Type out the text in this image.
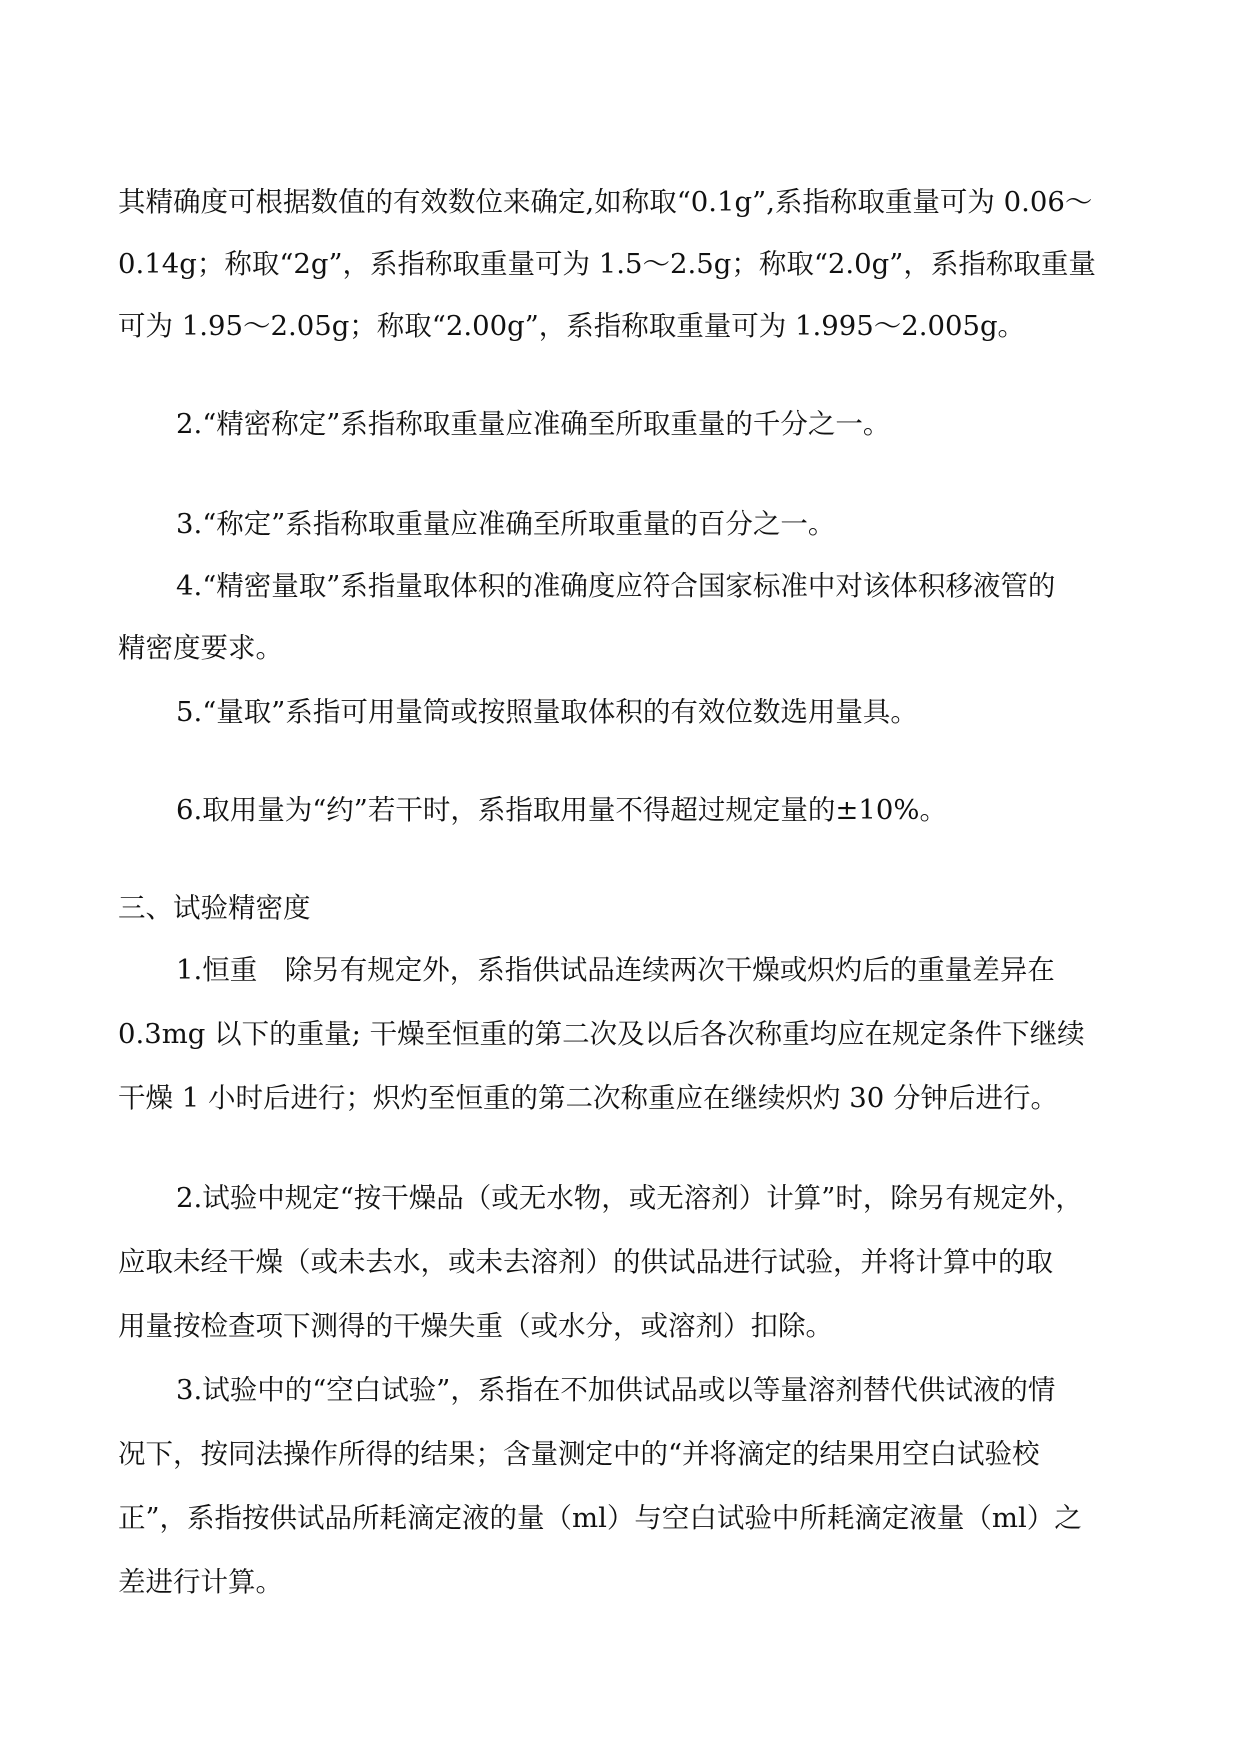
其精确度可根据数值的有效数位来确定,如称取“0.1g”,系指称取重量可为 0.06～
0.14g；称取“2g”，系指称取重量可为 1.5～2.5g；称取“2.0g”，系指称取重量
可为 1.95～2.05g；称取“2.00g”，系指称取重量可为 1.995～2.005g。
2.“精密称定”系指称取重量应准确至所取重量的千分之一。
3.“称定”系指称取重量应准确至所取重量的百分之一。
4.“精密量取”系指量取体积的准确度应符合国家标准中对该体积移液管的
精密度要求。
5.“量取”系指可用量筒或按照量取体积的有效位数选用量具。
6.取用量为“约”若干时，系指取用量不得超过规定量的±10%。
三、试验精密度
1.恒重　除另有规定外，系指供试品连续两次干燥或炽灼后的重量差异在
0.3mg 以下的重量; 干燥至恒重的第二次及以后各次称重均应在规定条件下继续
干燥 1 小时后进行；炽灼至恒重的第二次称重应在继续炽灼 30 分钟后进行。
2.试验中规定“按干燥品（或无水物，或无溶剂）计算”时，除另有规定外，
应取未经干燥（或未去水，或未去溶剂）的供试品进行试验，并将计算中的取
用量按检查项下测得的干燥失重（或水分，或溶剂）扣除。
3.试验中的“空白试验”，系指在不加供试品或以等量溶剂替代供试液的情
况下，按同法操作所得的结果；含量测定中的“并将滴定的结果用空白试验校
正”，系指按供试品所耗滴定液的量（ml）与空白试验中所耗滴定液量（ml）之
差进行计算。
